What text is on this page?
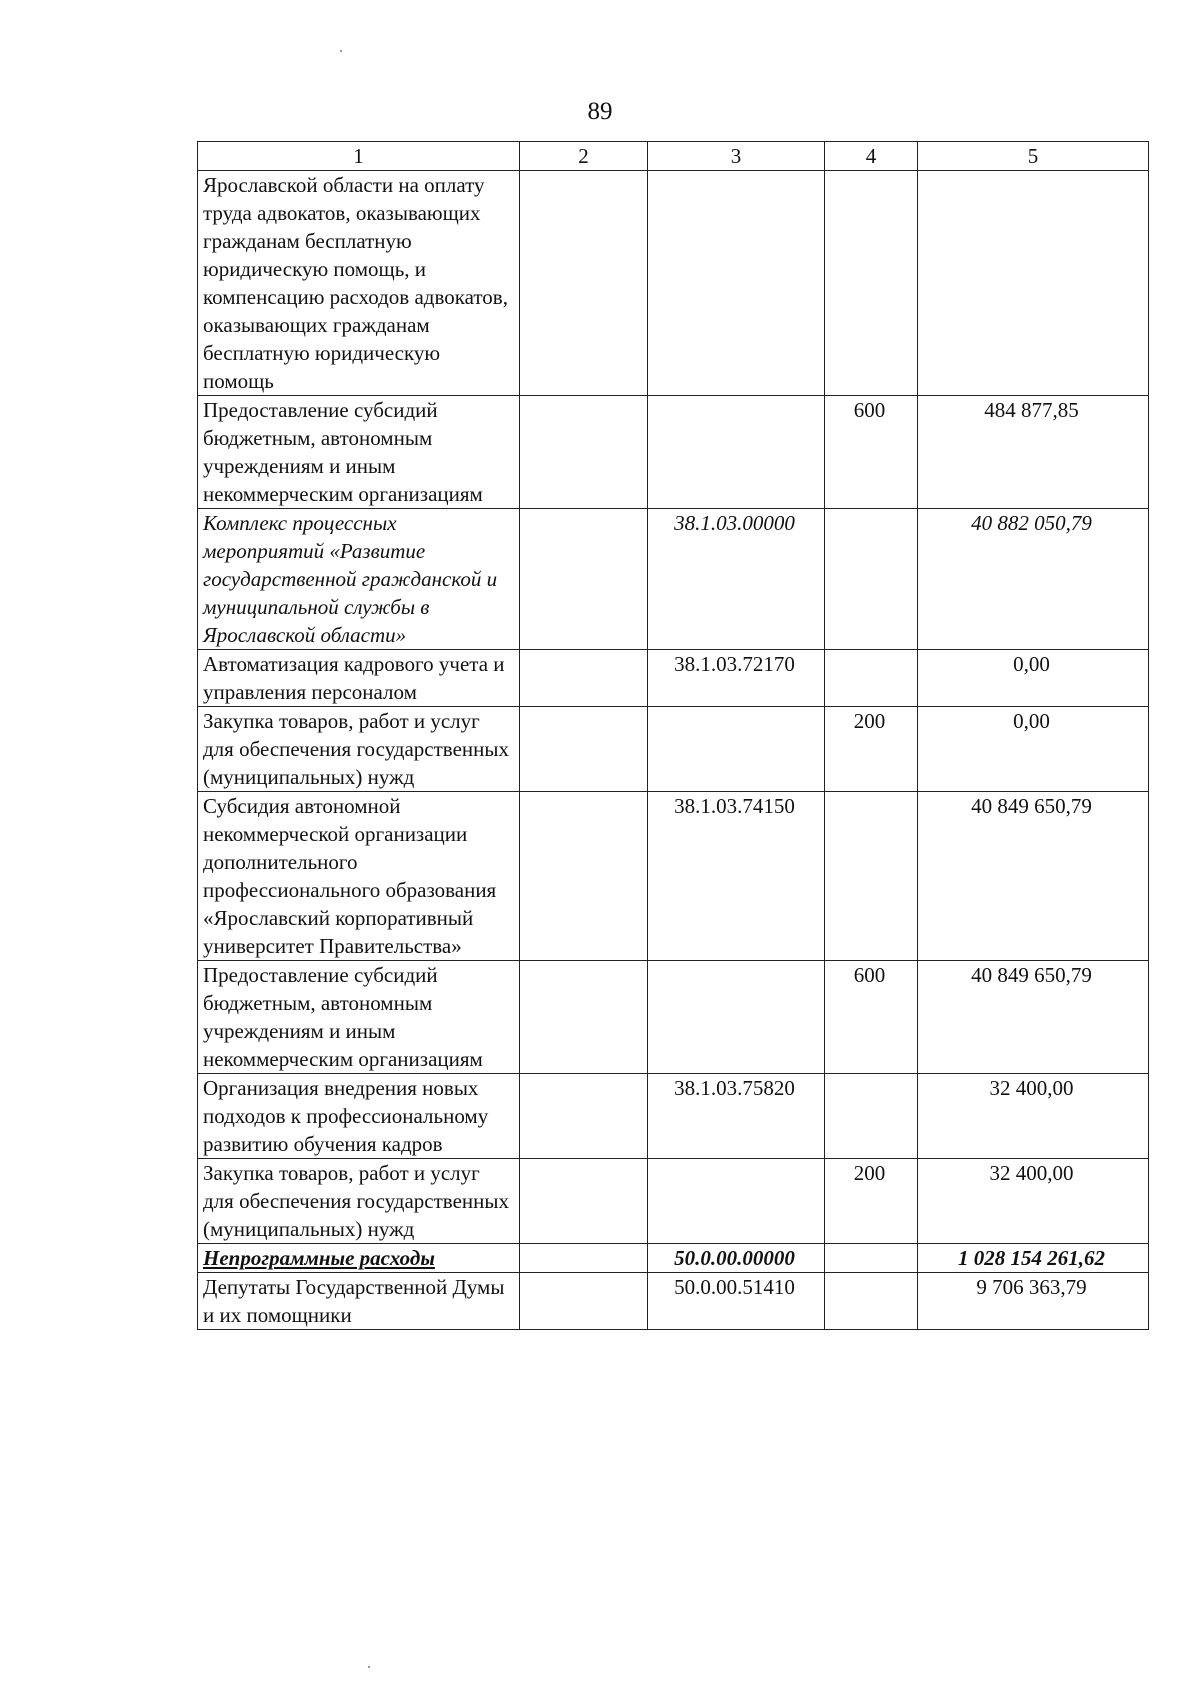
89
1	2	3	4	5
Ярославской области на оплату труда адвокатов, оказывающих гражданам бесплатную юридическую помощь, и компенсацию расходов адвокатов, оказывающих гражданам бесплатную юридическую помощь				
Предоставление субсидий бюджетным, автономным учреждениям и иным некоммерческим организациям			600	484 877,85
Комплекс процессных мероприятий «Развитие государственной гражданской и муниципальной службы в Ярославской области»		38.1.03.00000		40 882 050,79
Автоматизация кадрового учета и управления персоналом		38.1.03.72170		0,00
Закупка товаров, работ и услуг для обеспечения государственных (муниципальных) нужд			200	0,00
Субсидия автономной некоммерческой организации дополнительного профессионального образования «Ярославский корпоративный университет Правительства»		38.1.03.74150		40 849 650,79
Предоставление субсидий бюджетным, автономным учреждениям и иным некоммерческим организациям			600	40 849 650,79
Организация внедрения новых подходов к профессиональному развитию обучения кадров		38.1.03.75820		32 400,00
Закупка товаров, работ и услуг для обеспечения государственных (муниципальных) нужд			200	32 400,00
Непрограммные расходы		50.0.00.00000		1 028 154 261,62
Депутаты Государственной Думы и их помощники		50.0.00.51410		9 706 363,79
